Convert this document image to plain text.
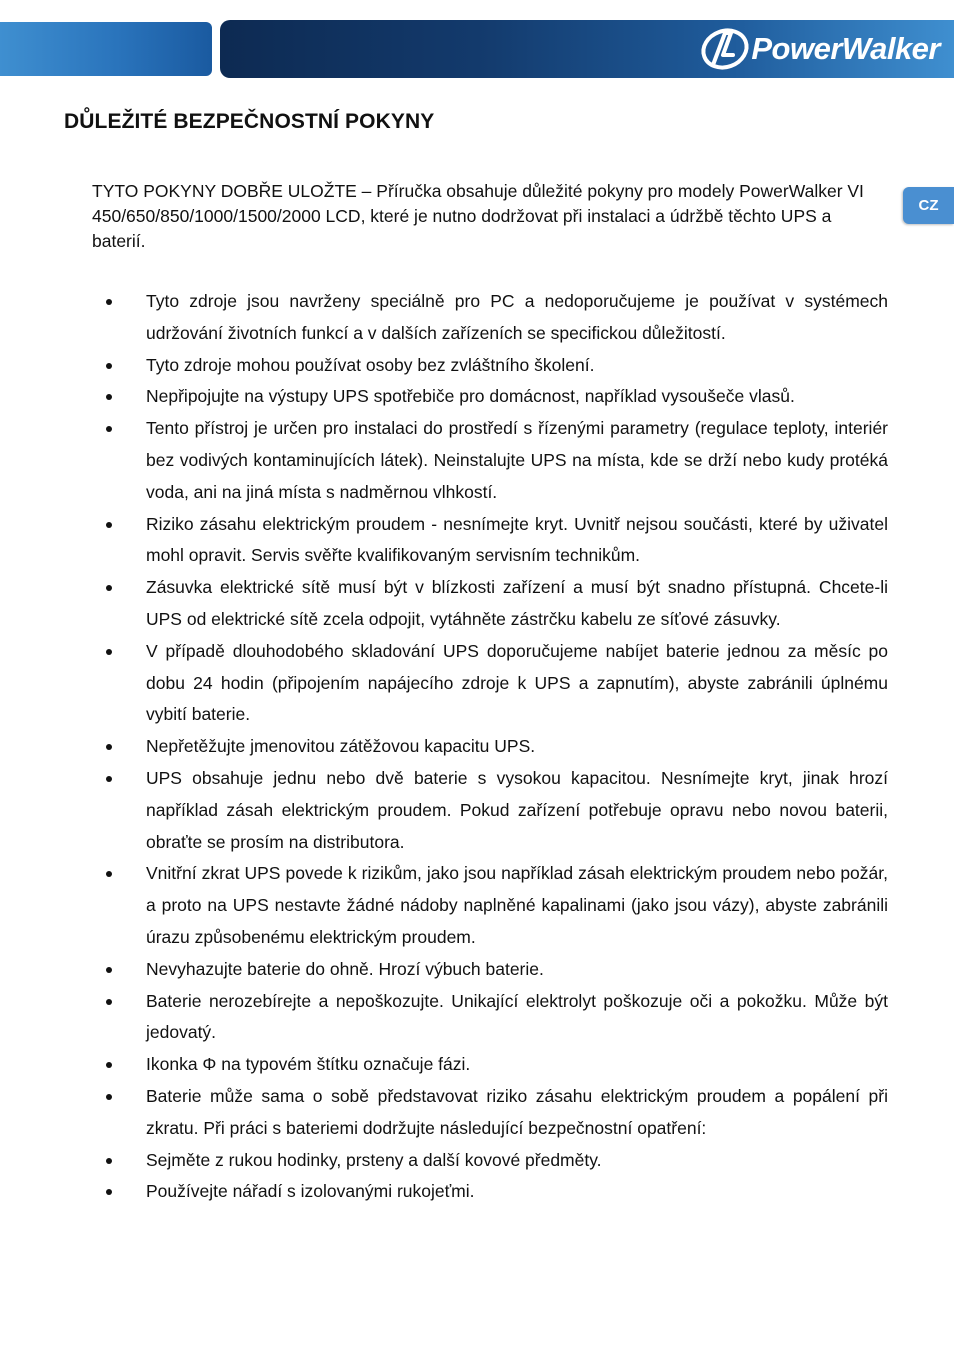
PowerWalker
CZ
DŮLEŽITÉ BEZPEČNOSTNÍ POKYNY

TYTO POKYNY DOBŘE ULOŽTE – Příručka obsahuje důležité pokyny pro modely PowerWalker VI 450/650/850/1000/1500/2000 LCD, které je nutno dodržovat při instalaci a údržbě těchto UPS a baterií.

Tyto zdroje jsou navrženy speciálně pro PC a nedoporučujeme je používat v systémech udržování životních funkcí a v dalších zařízeních se specifickou důležitostí.
Tyto zdroje mohou používat osoby bez zvláštního školení.
Nepřipojujte na výstupy UPS spotřebiče pro domácnost, například vysoušeče vlasů.
Tento přístroj je určen pro instalaci do prostředí s řízenými parametry (regulace teploty, interiér bez vodivých kontaminujících látek). Neinstalujte UPS na místa, kde se drží nebo kudy protéká voda, ani na jiná místa s nadměrnou vlhkostí.
Riziko zásahu elektrickým proudem - nesnímejte kryt. Uvnitř nejsou součásti, které by uživatel mohl opravit. Servis svěřte kvalifikovaným servisním technikům.
Zásuvka elektrické sítě musí být v blízkosti zařízení a musí být snadno přístupná. Chcete-li UPS od elektrické sítě zcela odpojit, vytáhněte zástrčku kabelu ze síťové zásuvky.
V případě dlouhodobého skladování UPS doporučujeme nabíjet baterie jednou za měsíc po dobu 24 hodin (připojením napájecího zdroje k UPS a zapnutím), abyste zabránili úplnému vybití baterie.
Nepřetěžujte jmenovitou zátěžovou kapacitu UPS.
UPS obsahuje jednu nebo dvě baterie s vysokou kapacitou. Nesnímejte kryt, jinak hrozí například zásah elektrickým proudem. Pokud zařízení potřebuje opravu nebo novou baterii, obraťte se prosím na distributora.
Vnitřní zkrat UPS povede k rizikům, jako jsou například zásah elektrickým proudem nebo požár, a proto na UPS nestavte žádné nádoby naplněné kapalinami (jako jsou vázy), abyste zabránili úrazu způsobenému elektrickým proudem.
Nevyhazujte baterie do ohně. Hrozí výbuch baterie.
Baterie nerozebírejte a nepoškozujte. Unikající elektrolyt poškozuje oči a pokožku. Může být jedovatý.
Ikonka Φ na typovém štítku označuje fázi.
Baterie může sama o sobě představovat riziko zásahu elektrickým proudem a popálení při zkratu. Při práci s bateriemi dodržujte následující bezpečnostní opatření:
Sejměte z rukou hodinky, prsteny a další kovové předměty.
Používejte nářadí s izolovanými rukojeťmi.
